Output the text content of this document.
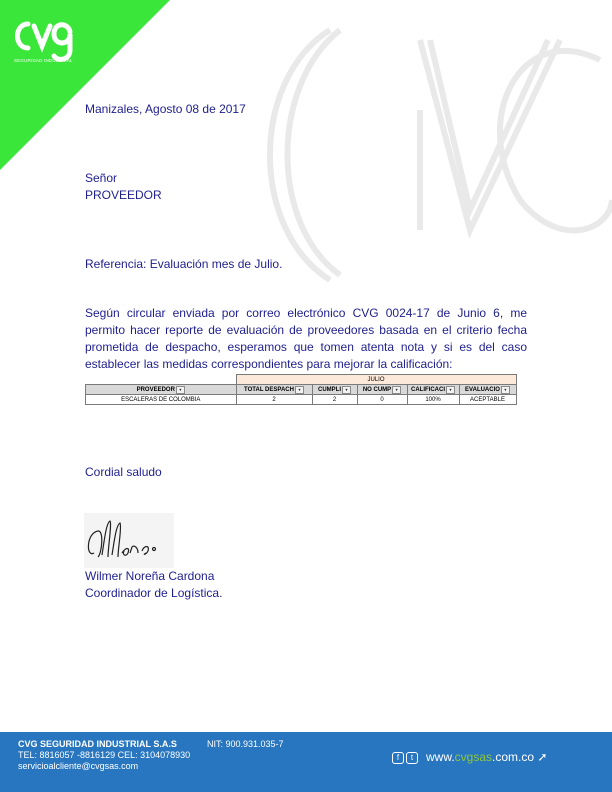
SEGURIDAD INDUSTRIAL
Manizales, Agosto 08 de 2017
Señor
PROVEEDOR
Referencia: Evaluación mes de Julio.
Según circular enviada por correo electrónico CVG 0024-17 de Junio 6, me permito hacer reporte de evaluación de proveedores basada en el criterio fecha prometida de despacho, esperamos que tomen atenta nota y si es del caso establecer las medidas correspondientes para mejorar la calificación:
	JULIO				
PROVEEDOR ▾	TOTAL DESPACH ▾	CUMPLI ▾	NO CUMP ▾	CALIFICACI ▾	EVALUACIO ▾
ESCALERAS DE COLOMBIA	2	2	0	100%	ACEPTABLE
Cordial saludo
Wilmer Noreña Cardona
Coordinador de Logística.
CVG SEGURIDAD INDUSTRIAL S.A.S	NIT: 900.931.035-7
TEL: 8816057 -8816129 CEL: 3104078930
servicioalcliente@cvgsas.com
f t	www.cvgsas.com.co ➚
